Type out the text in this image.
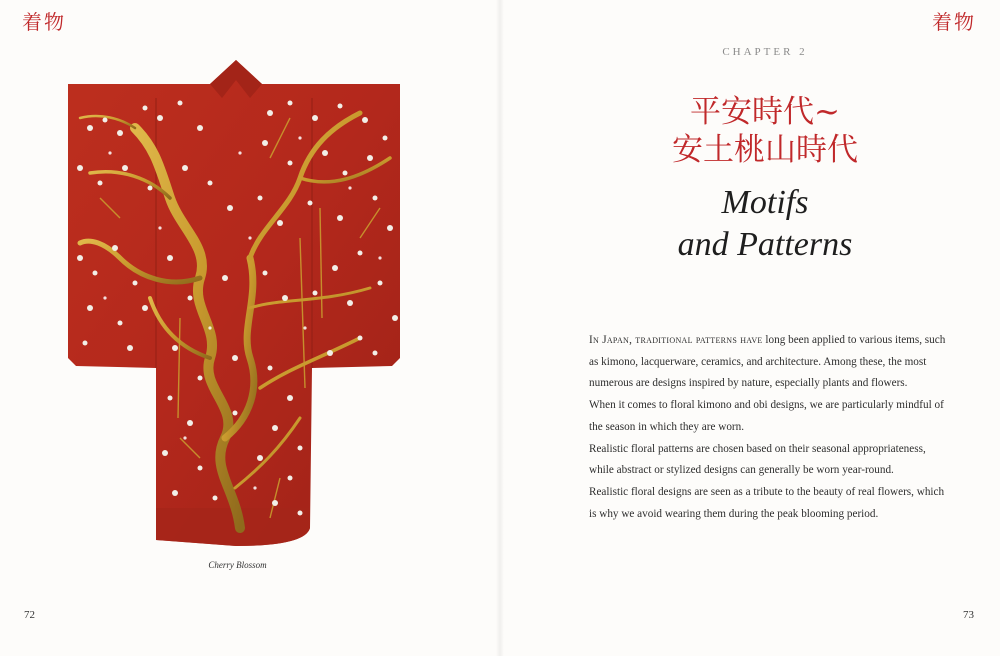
着物	着物
Cherry Blossom
72
CHAPTER 2
平安時代~
安土桃山時代
Motifs
and Patterns

In Japan, traditional patterns have long been applied to various items, such as kimono, lacquerware, ceramics, and architecture. Among these, the most numerous are designs inspired by nature, especially plants and flowers.

When it comes to floral kimono and obi designs, we are particularly mindful of the season in which they are worn.

Realistic floral patterns are chosen based on their seasonal appropriateness, while abstract or stylized designs can generally be worn year-round.

Realistic floral designs are seen as a tribute to the beauty of real flowers, which is why we avoid wearing them during the peak blooming period.

73
